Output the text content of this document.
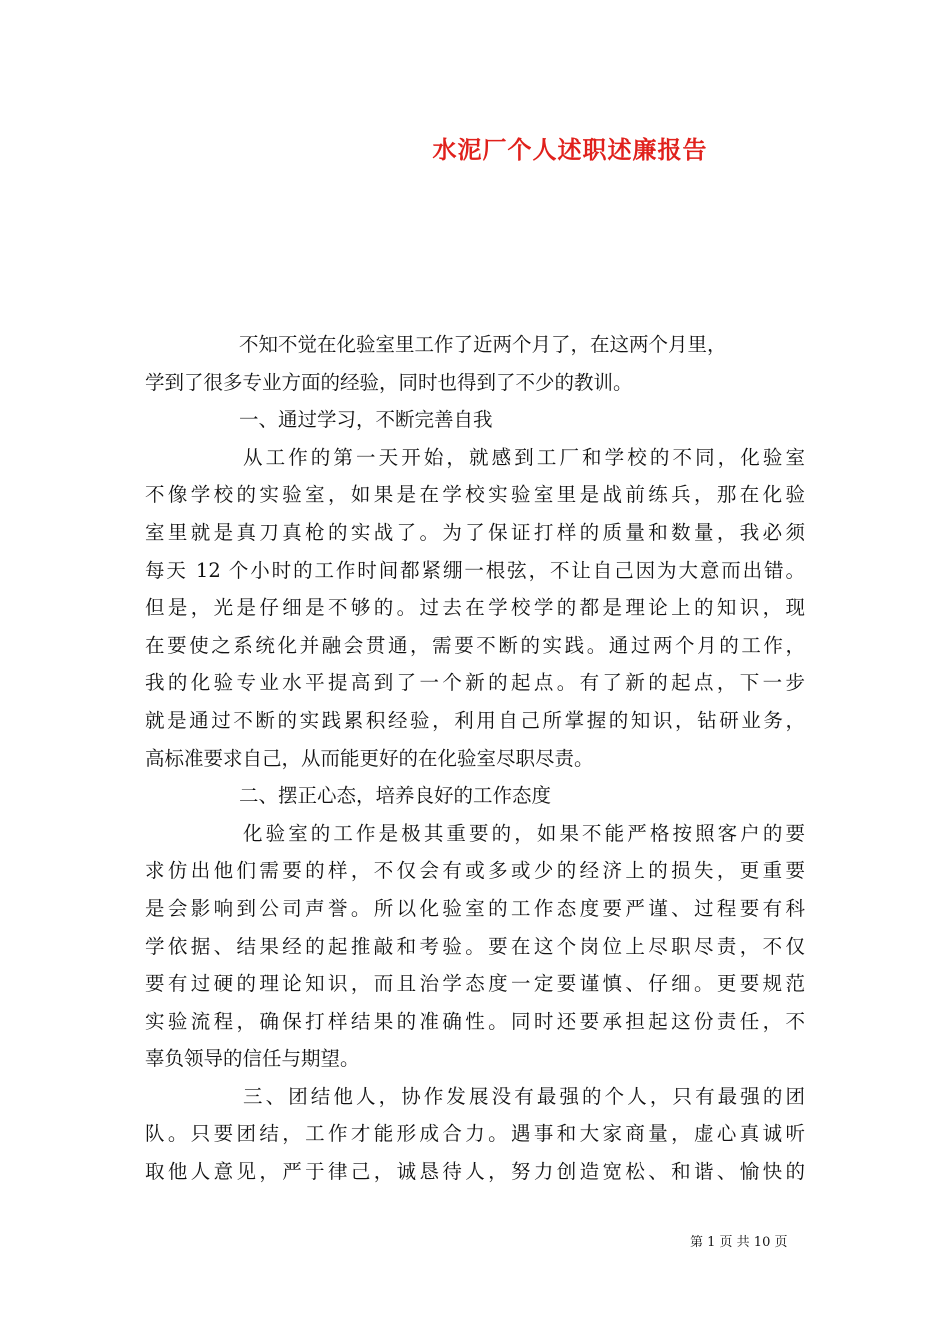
水泥厂个人述职述廉报告
不知不觉在化验室里工作了近两个月了，在这两个月里，
学到了很多专业方面的经验，同时也得到了不少的教训。
一、通过学习，不断完善自我
从工作的第一天开始，就感到工厂和学校的不同，化验室
不像学校的实验室，如果是在学校实验室里是战前练兵，那在化验
室里就是真刀真枪的实战了。为了保证打样的质量和数量，我必须
每天 12 个小时的工作时间都紧绷一根弦，不让自己因为大意而出错。
但是，光是仔细是不够的。过去在学校学的都是理论上的知识，现
在要使之系统化并融会贯通，需要不断的实践。通过两个月的工作，
我的化验专业水平提高到了一个新的起点。有了新的起点，下一步
就是通过不断的实践累积经验，利用自己所掌握的知识，钻研业务，
高标准要求自己，从而能更好的在化验室尽职尽责。
二、摆正心态，培养良好的工作态度
化验室的工作是极其重要的，如果不能严格按照客户的要
求仿出他们需要的样，不仅会有或多或少的经济上的损失，更重要
是会影响到公司声誉。所以化验室的工作态度要严谨、过程要有科
学依据、结果经的起推敲和考验。要在这个岗位上尽职尽责，不仅
要有过硬的理论知识，而且治学态度一定要谨慎、仔细。更要规范
实验流程，确保打样结果的准确性。同时还要承担起这份责任，不
辜负领导的信任与期望。
三、团结他人，协作发展没有最强的个人，只有最强的团
队。只要团结，工作才能形成合力。遇事和大家商量，虚心真诚听
取他人意见，严于律己，诚恳待人，努力创造宽松、和谐、愉快的
第 1 页 共 10 页
